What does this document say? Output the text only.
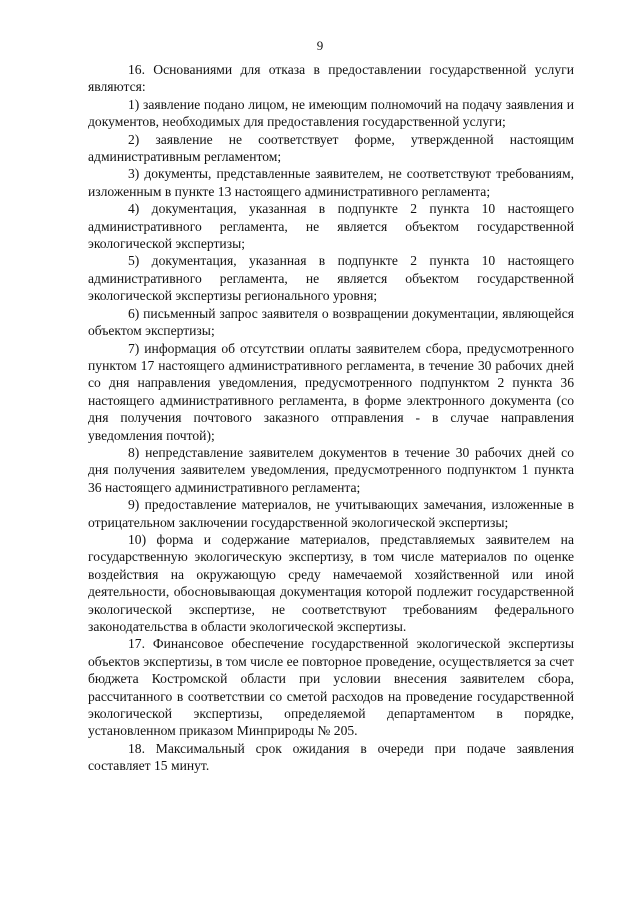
9

16. Основаниями для отказа в предоставлении государственной услуги являются:

1) заявление подано лицом, не имеющим полномочий на подачу заявления и документов, необходимых для предоставления государственной услуги;

2) заявление не соответствует форме, утвержденной настоящим административным регламентом;

3) документы, представленные заявителем, не соответствуют требованиям, изложенным в пункте 13 настоящего административного регламента;

4) документация, указанная в подпункте 2 пункта 10 настоящего административного регламента, не является объектом государственной экологической экспертизы;

5) документация, указанная в подпункте 2 пункта 10 настоящего административного регламента, не является объектом государственной экологической экспертизы регионального уровня;

6) письменный запрос заявителя о возвращении документации, являющейся объектом экспертизы;

7) информация об отсутствии оплаты заявителем сбора, предусмотренного пунктом 17 настоящего административного регламента, в течение 30 рабочих дней со дня направления уведомления, предусмотренного подпунктом 2 пункта 36 настоящего административного регламента, в форме электронного документа (со дня получения почтового заказного отправления - в случае направления уведомления почтой);

8) непредставление заявителем документов в течение 30 рабочих дней со дня получения заявителем уведомления, предусмотренного подпунктом 1 пункта 36 настоящего административного регламента;

9) предоставление материалов, не учитывающих замечания, изложенные в отрицательном заключении государственной экологической экспертизы;

10) форма и содержание материалов, представляемых заявителем на государственную экологическую экспертизу, в том числе материалов по оценке воздействия на окружающую среду намечаемой хозяйственной или иной деятельности, обосновывающая документация которой подлежит государственной экологической экспертизе, не соответствуют требованиям федерального законодательства в области экологической экспертизы.

17. Финансовое обеспечение государственной экологической экспертизы объектов экспертизы, в том числе ее повторное проведение, осуществляется за счет бюджета Костромской области при условии внесения заявителем сбора, рассчитанного в соответствии со сметой расходов на проведение государственной экологической экспертизы, определяемой департаментом в порядке, установленном приказом Минприроды № 205.

18. Максимальный срок ожидания в очереди при подаче заявления составляет 15 минут.
